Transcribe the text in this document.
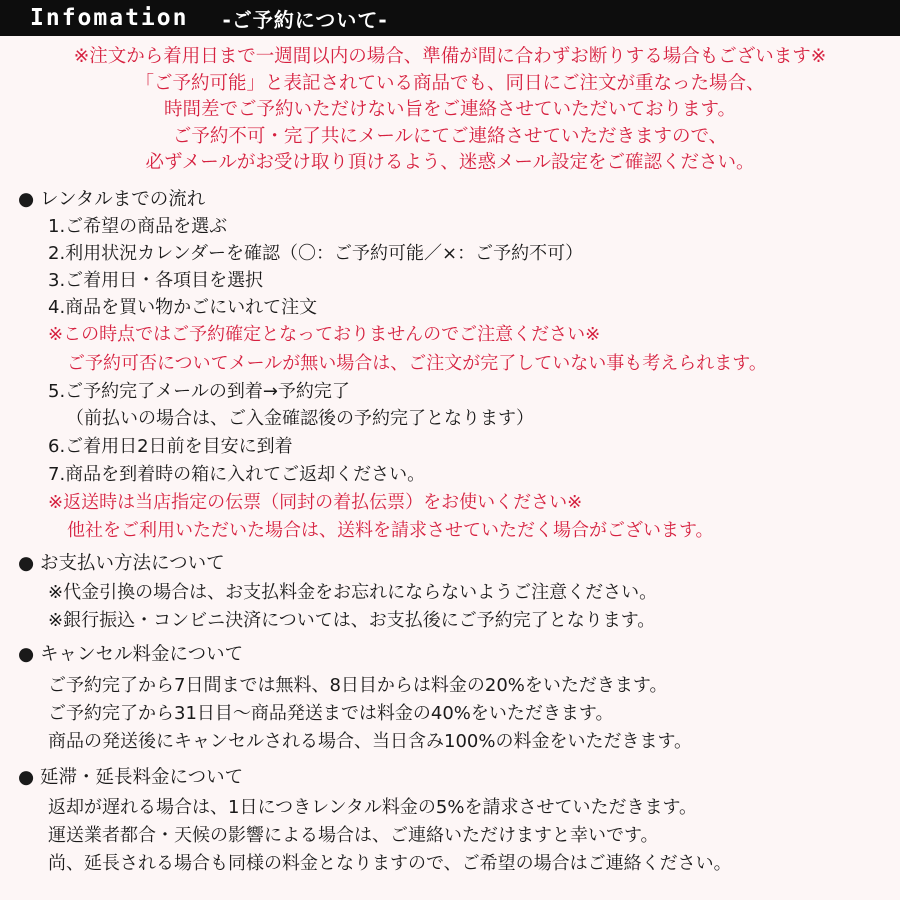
Infomation -ご予約について-
※注文から着用日まで一週間以内の場合、準備が間に合わずお断りする場合もございます※
「ご予約可能」と表記されている商品でも、同日にご注文が重なった場合、
時間差でご予約いただけない旨をご連絡させていただいております。
ご予約不可・完了共にメールにてご連絡させていただきますので、
必ずメールがお受け取り頂けるよう、迷惑メール設定をご確認ください。
● レンタルまでの流れ
1.ご希望の商品を選ぶ
2.利用状況カレンダーを確認（〇：ご予約可能／×：ご予約不可）
3.ご着用日・各項目を選択
4.商品を買い物かごにいれて注文
※この時点ではご予約確定となっておりませんのでご注意ください※
ご予約可否についてメールが無い場合は、ご注文が完了していない事も考えられます。
5.ご予約完了メールの到着→予約完了
（前払いの場合は、ご入金確認後の予約完了となります）
6.ご着用日2日前を目安に到着
7.商品を到着時の箱に入れてご返却ください。
※返送時は当店指定の伝票（同封の着払伝票）をお使いください※
他社をご利用いただいた場合は、送料を請求させていただく場合がございます。
● お支払い方法について
※代金引換の場合は、お支払料金をお忘れにならないようご注意ください。
※銀行振込・コンビニ決済については、お支払後にご予約完了となります。
● キャンセル料金について
ご予約完了から7日間までは無料、8日目からは料金の20%をいただきます。
ご予約完了から31日目〜商品発送までは料金の40%をいただきます。
商品の発送後にキャンセルされる場合、当日含み100%の料金をいただきます。
● 延滞・延長料金について
返却が遅れる場合は、1日につきレンタル料金の5%を請求させていただきます。
運送業者都合・天候の影響による場合は、ご連絡いただけますと幸いです。
尚、延長される場合も同様の料金となりますので、ご希望の場合はご連絡ください。
